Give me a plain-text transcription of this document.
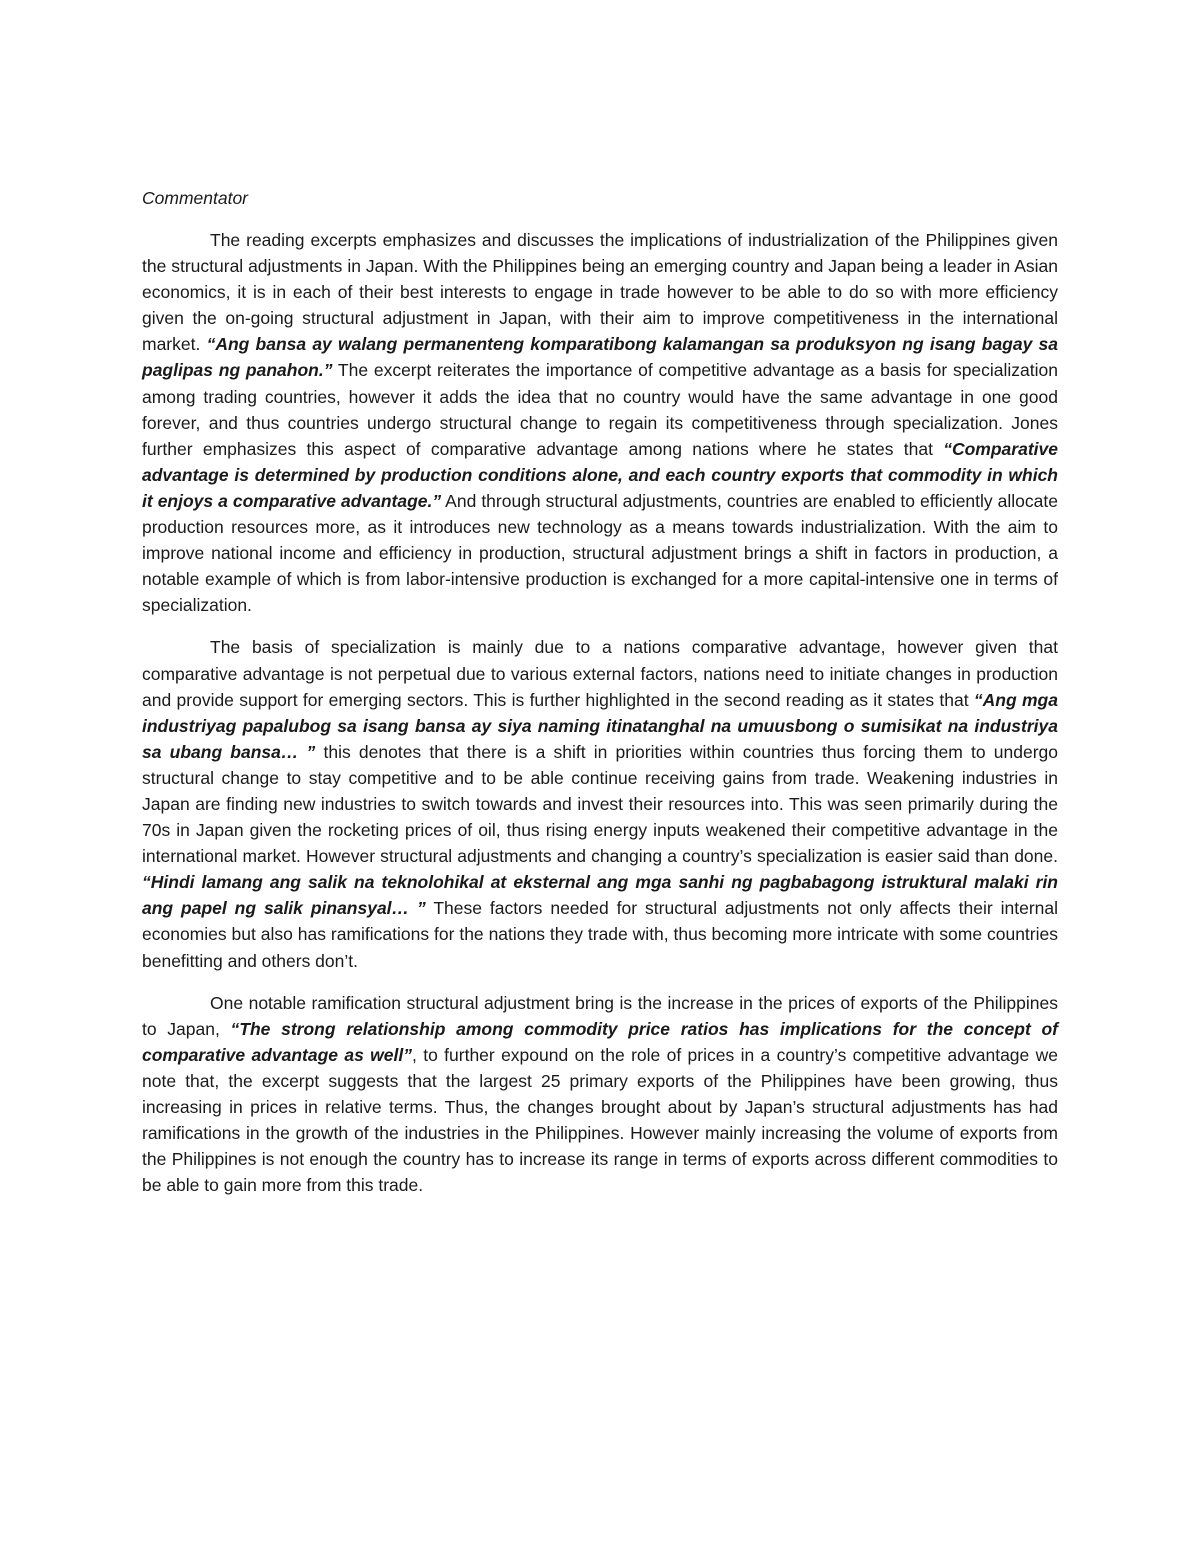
Commentator

The reading excerpts emphasizes and discusses the implications of industrialization of the Philippines given the structural adjustments in Japan. With the Philippines being an emerging country and Japan being a leader in Asian economics, it is in each of their best interests to engage in trade however to be able to do so with more efficiency given the on-going structural adjustment in Japan, with their aim to improve competitiveness in the international market. “Ang bansa ay walang permanenteng komparatibong kalamangan sa produksyon ng isang bagay sa paglipas ng panahon.” The excerpt reiterates the importance of competitive advantage as a basis for specialization among trading countries, however it adds the idea that no country would have the same advantage in one good forever, and thus countries undergo structural change to regain its competitiveness through specialization. Jones further emphasizes this aspect of comparative advantage among nations where he states that “Comparative advantage is determined by production conditions alone, and each country exports that commodity in which it enjoys a comparative advantage.” And through structural adjustments, countries are enabled to efficiently allocate production resources more, as it introduces new technology as a means towards industrialization. With the aim to improve national income and efficiency in production, structural adjustment brings a shift in factors in production, a notable example of which is from labor-intensive production is exchanged for a more capital-intensive one in terms of specialization.

The basis of specialization is mainly due to a nations comparative advantage, however given that comparative advantage is not perpetual due to various external factors, nations need to initiate changes in production and provide support for emerging sectors. This is further highlighted in the second reading as it states that “Ang mga industriyag papalubog sa isang bansa ay siya naming itinatanghal na umuusbong o sumisikat na industriya sa ubang bansa… ” this denotes that there is a shift in priorities within countries thus forcing them to undergo structural change to stay competitive and to be able continue receiving gains from trade. Weakening industries in Japan are finding new industries to switch towards and invest their resources into. This was seen primarily during the 70s in Japan given the rocketing prices of oil, thus rising energy inputs weakened their competitive advantage in the international market. However structural adjustments and changing a country’s specialization is easier said than done. “Hindi lamang ang salik na teknolohikal at eksternal ang mga sanhi ng pagbabagong istruktural malaki rin ang papel ng salik pinansyal… ” These factors needed for structural adjustments not only affects their internal economies but also has ramifications for the nations they trade with, thus becoming more intricate with some countries benefitting and others don’t.

One notable ramification structural adjustment bring is the increase in the prices of exports of the Philippines to Japan, “The strong relationship among commodity price ratios has implications for the concept of comparative advantage as well”, to further expound on the role of prices in a country’s competitive advantage we note that, the excerpt suggests that the largest 25 primary exports of the Philippines have been growing, thus increasing in prices in relative terms. Thus, the changes brought about by Japan’s structural adjustments has had ramifications in the growth of the industries in the Philippines. However mainly increasing the volume of exports from the Philippines is not enough the country has to increase its range in terms of exports across different commodities to be able to gain more from this trade.
